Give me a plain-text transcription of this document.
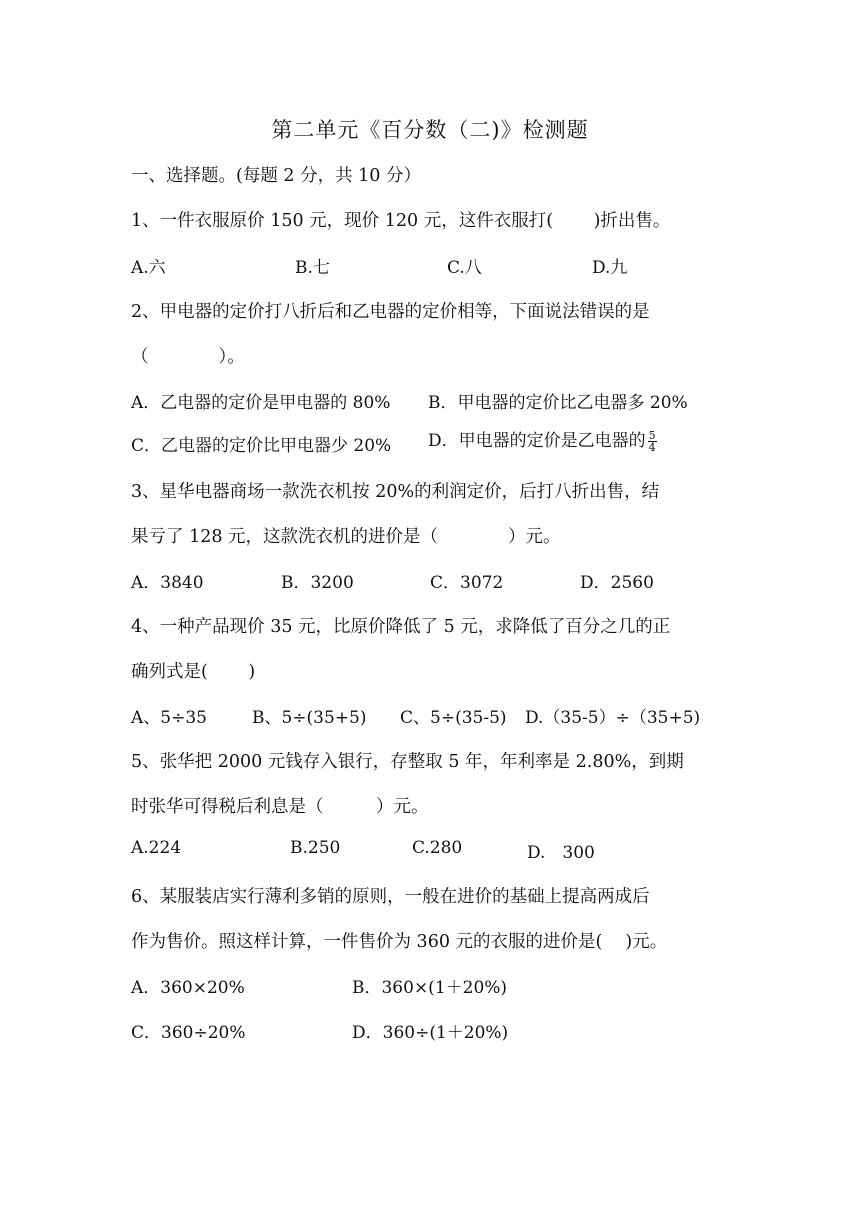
第二单元《百分数（二)》检测题
一、选择题。(每题 2 分，共 10 分）
1、一件衣服原价 150 元，现价 120 元，这件衣服打(　　 )折出售。
A.六	B.七	C.八	D.九
2、甲电器的定价打八折后和乙电器的定价相等，下面说法错误的是
（　　　　）。
A．乙电器的定价是甲电器的 80% B．甲电器的定价比乙电器多 20%
C．乙电器的定价比甲电器少 20% D．甲电器的定价是乙电器的 $\frac{5}{4}$
3、星华电器商场一款洗衣机按 20%的利润定价，后打八折出售，结
果亏了 128 元，这款洗衣机的进价是（　　　　）元。
A．3840	B．3200	C．3072	D．2560
4、一种产品现价 35 元，比原价降低了 5 元，求降低了百分之几的正
确列式是(　　 )
A、5÷35	B、5÷(35+5) C、5÷(35-5) D.（35-5）÷（35+5)
5、张华把 2000 元钱存入银行，存整取 5 年，年利率是 2.80%，到期
时张华可得税后利息是（　　　）元。
A.224	B.250	C.280	D.　300
6、某服装店实行薄利多销的原则，一般在进价的基础上提高两成后
作为售价。照这样计算，一件售价为 360 元的衣服的进价是(　 )元。
A．360×20%	B．360×(1＋20%)
C．360÷20%	D．360÷(1＋20%)
